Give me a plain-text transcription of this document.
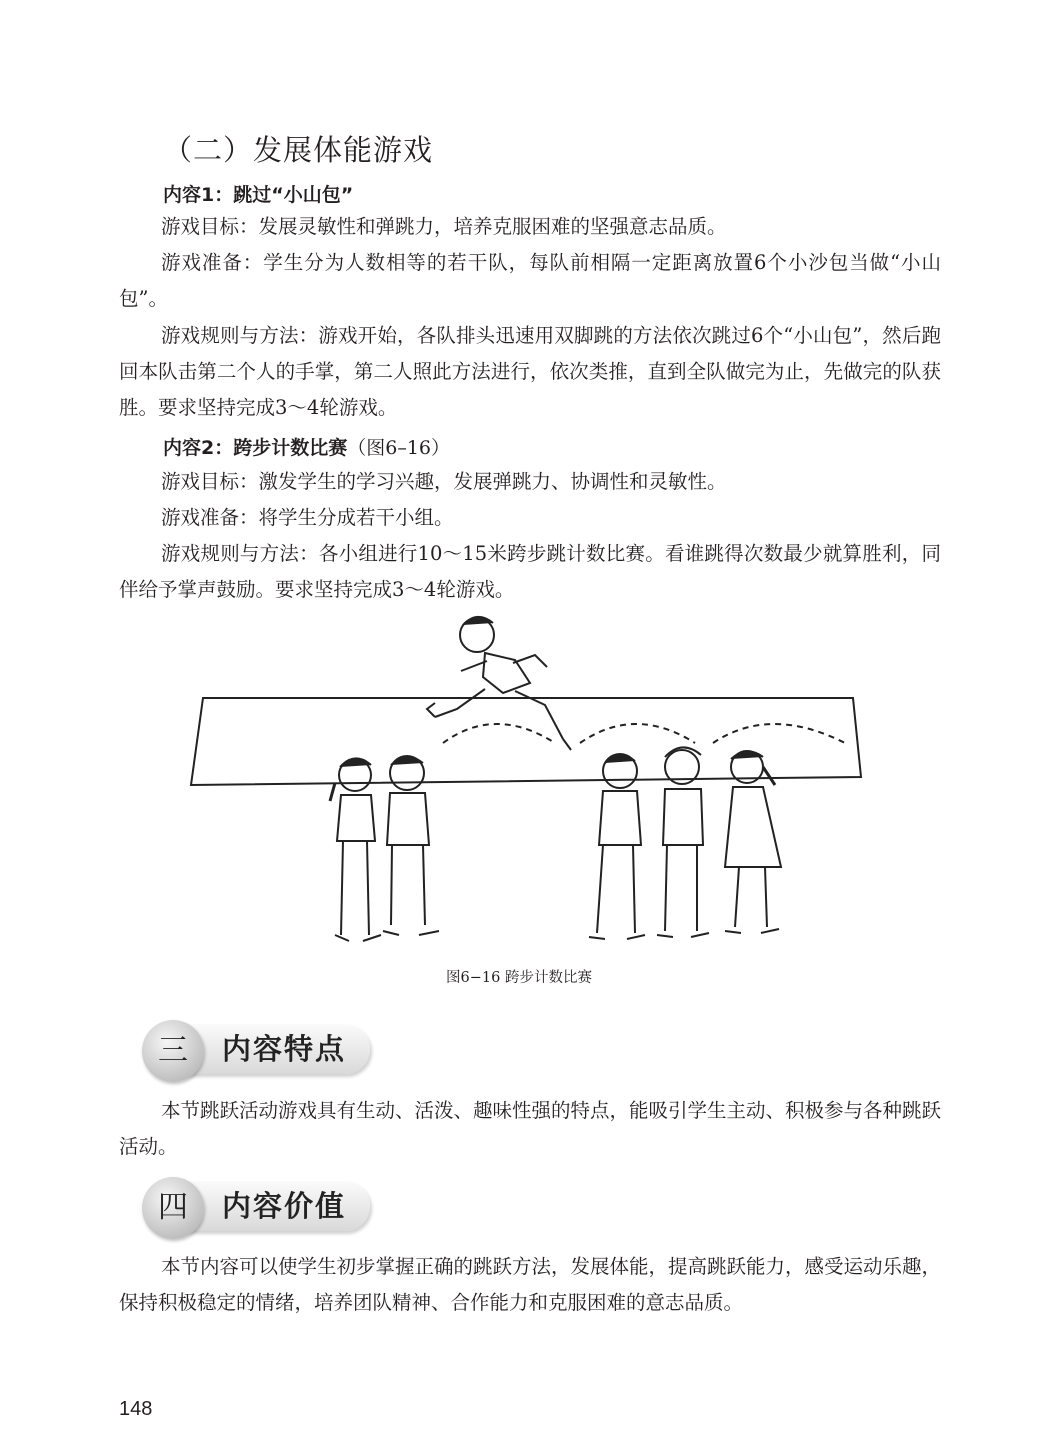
（二）发展体能游戏
内容1：跳过“小山包”
游戏目标：发展灵敏性和弹跳力，培养克服困难的坚强意志品质。
游戏准备：学生分为人数相等的若干队，每队前相隔一定距离放置6个小沙包当做“小山包”。
游戏规则与方法：游戏开始，各队排头迅速用双脚跳的方法依次跳过6个“小山包”，然后跑回本队击第二个人的手掌，第二人照此方法进行，依次类推，直到全队做完为止，先做完的队获胜。要求坚持完成3～4轮游戏。
内容2：跨步计数比赛（图6–16）
游戏目标：激发学生的学习兴趣，发展弹跳力、协调性和灵敏性。
游戏准备：将学生分成若干小组。
游戏规则与方法：各小组进行10～15米跨步跳计数比赛。看谁跳得次数最少就算胜利，同伴给予掌声鼓励。要求坚持完成3～4轮游戏。
图6−16 跨步计数比赛
三	内容特点
本节跳跃活动游戏具有生动、活泼、趣味性强的特点，能吸引学生主动、积极参与各种跳跃活动。
四	内容价值
本节内容可以使学生初步掌握正确的跳跃方法，发展体能，提高跳跃能力，感受运动乐趣，保持积极稳定的情绪，培养团队精神、合作能力和克服困难的意志品质。
148
